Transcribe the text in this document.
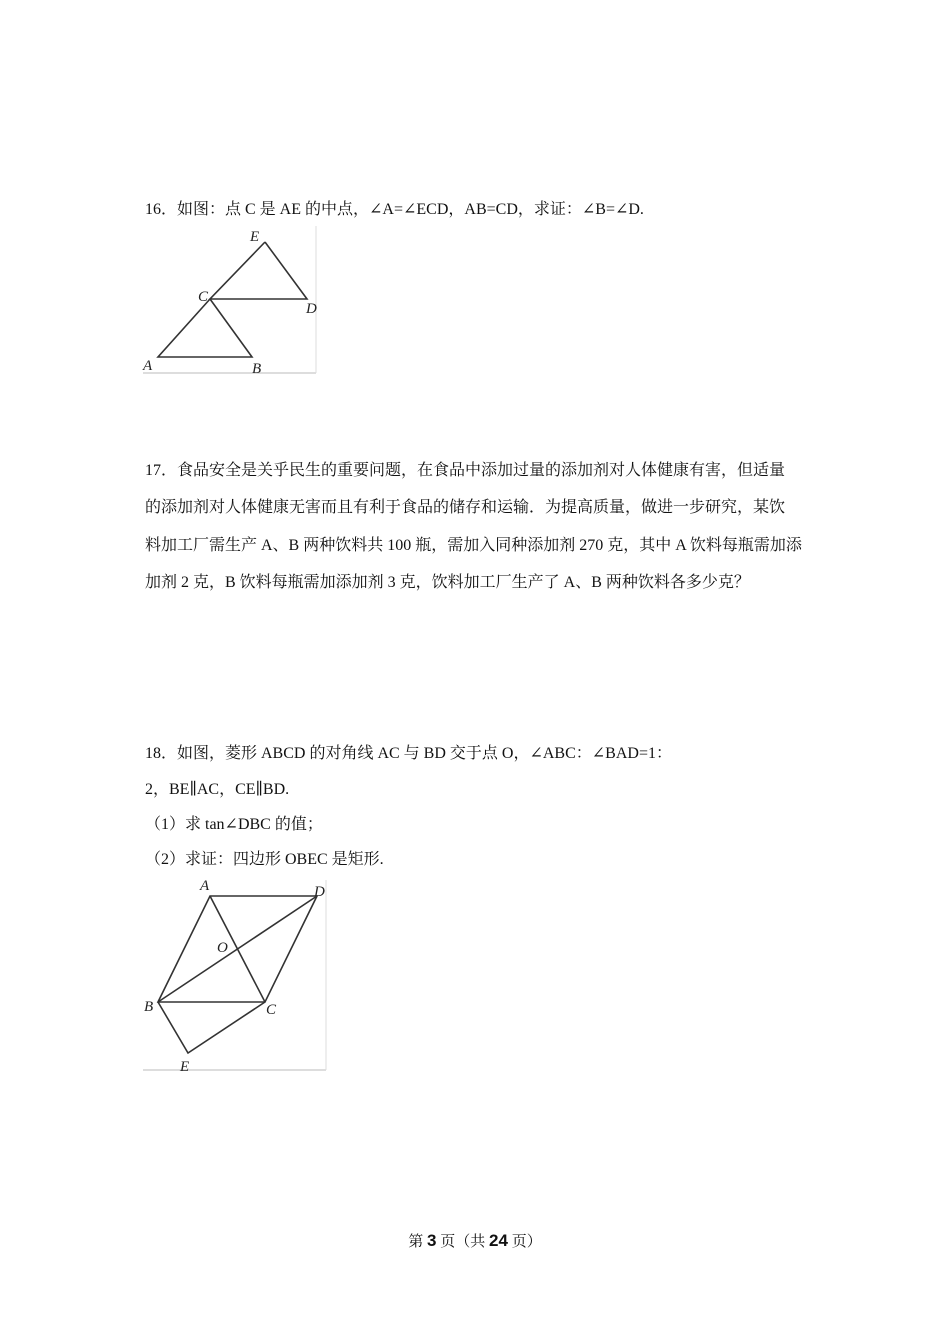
16．如图：点 C 是 AE 的中点，∠A=∠ECD，AB=CD，求证：∠B=∠D.
E
C
D
A	B
17．食品安全是关乎民生的重要问题，在食品中添加过量的添加剂对人体健康有害，但适量
的添加剂对人体健康无害而且有利于食品的储存和运输．为提高质量，做进一步研究，某饮
料加工厂需生产 A、B 两种饮料共 100 瓶，需加入同种添加剂 270 克，其中 A 饮料每瓶需加添
加剂 2 克，B 饮料每瓶需加添加剂 3 克，饮料加工厂生产了 A、B 两种饮料各多少克？
18．如图，菱形 ABCD 的对角线 AC 与 BD 交于点 O，∠ABC：∠BAD=1：
2，BE∥AC，CE∥BD.
（1）求 tan∠DBC 的值；
（2）求证：四边形 OBEC 是矩形.
A	D
O
B	C
E
第 3 页（共 24 页）
